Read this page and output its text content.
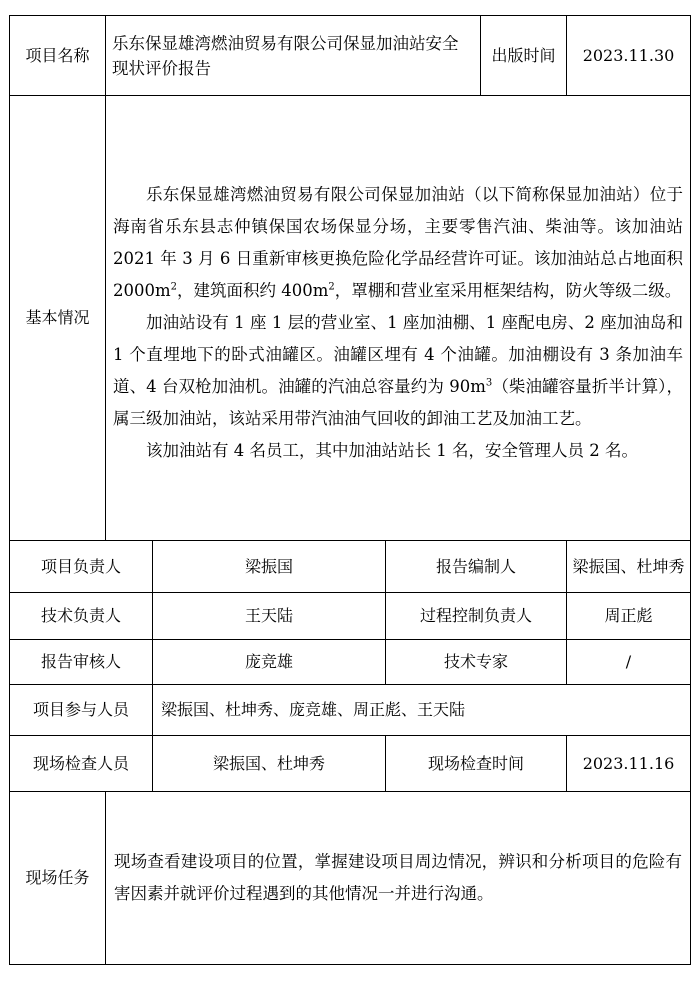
项目名称	乐东保显雄湾燃油贸易有限公司保显加油站安全现状评价报告			出版时间	2023.11.30
基本情况	乐东保显雄湾燃油贸易有限公司保显加油站（以下简称保显加油站）位于海南省乐东县志仲镇保国农场保显分场，主要零售汽油、柴油等。该加油站 2021 年 3 月 6 日重新审核更换危险化学品经营许可证。该加油站总占地面积 $2000m^2$，建筑面积约 $400m^2$，罩棚和营业室采用框架结构，防火等级二级。

加油站设有 1 座 1 层的营业室、1 座加油棚、1 座配电房、2 座加油岛和 1 个直埋地下的卧式油罐区。油罐区埋有 4 个油罐。加油棚设有 3 条加油车道、4 台双枪加油机。油罐的汽油总容量约为 $90m^3$（柴油罐容量折半计算），属三级加油站，该站采用带汽油油气回收的卸油工艺及加油工艺。

该加油站有 4 名员工，其中加油站站长 1 名，安全管理人员 2 名。				

项目负责人		梁振国	报告编制人		梁振国、杜坤秀
技术负责人		王天陆	过程控制负责人		周正彪
报告审核人		庞竞雄	技术专家		/
项目参与人员		梁振国、杜坤秀、庞竞雄、周正彪、王天陆			
现场检查人员		梁振国、杜坤秀	现场检查时间		2023.11.16
现场任务	现场查看建设项目的位置，掌握建设项目周边情况，辨识和分析项目的危险有害因素并就评价过程遇到的其他情况一并进行沟通。				
